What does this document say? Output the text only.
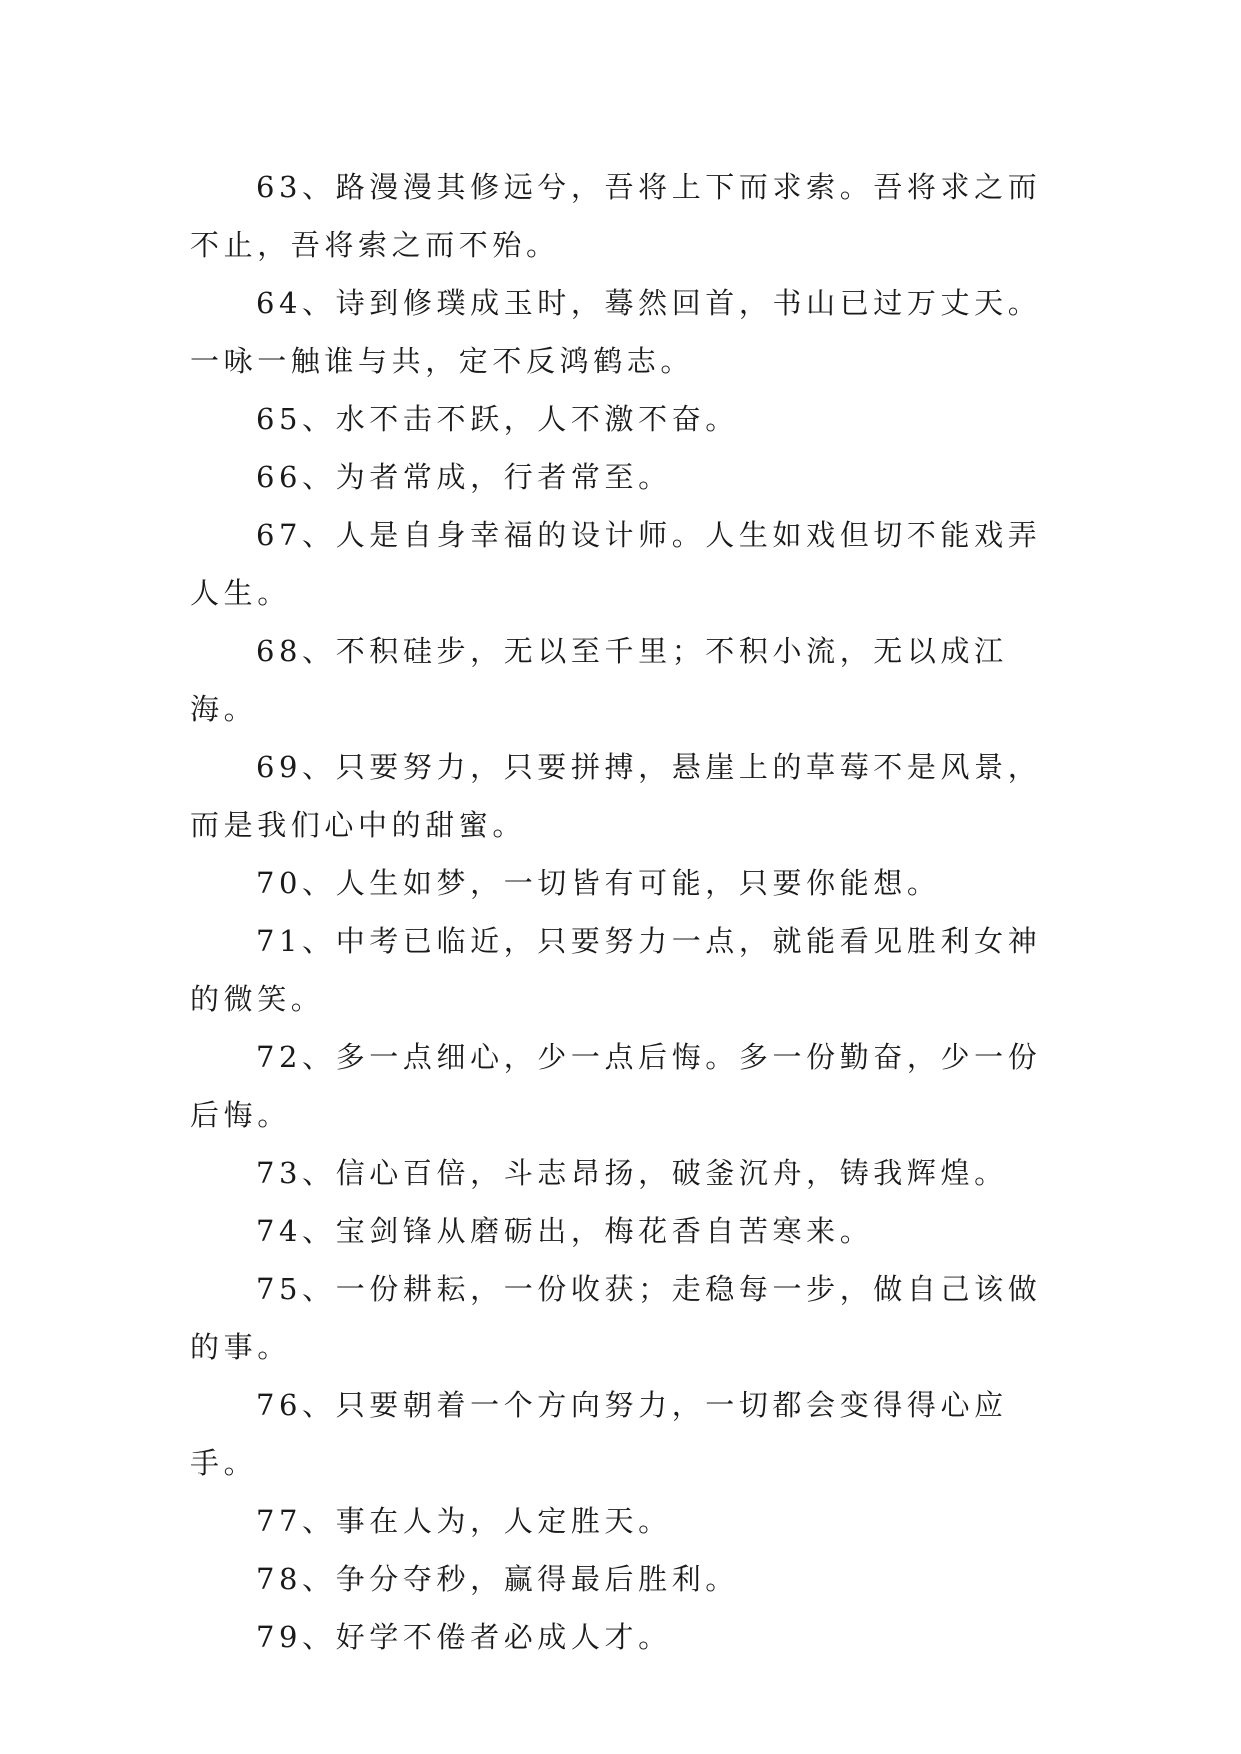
63、路漫漫其修远兮，吾将上下而求索。吾将求之而不止，吾将索之而不殆。

64、诗到修璞成玉时，蓦然回首，书山已过万丈天。一咏一触谁与共，定不反鸿鹤志。

65、水不击不跃，人不激不奋。

66、为者常成，行者常至。

67、人是自身幸福的设计师。人生如戏但切不能戏弄人生。

68、不积硅步，无以至千里；不积小流，无以成江海。

69、只要努力，只要拼搏，悬崖上的草莓不是风景，而是我们心中的甜蜜。

70、人生如梦，一切皆有可能，只要你能想。

71、中考已临近，只要努力一点，就能看见胜利女神的微笑。

72、多一点细心，少一点后悔。多一份勤奋，少一份后悔。

73、信心百倍，斗志昂扬，破釜沉舟，铸我辉煌。

74、宝剑锋从磨砺出，梅花香自苦寒来。

75、一份耕耘，一份收获；走稳每一步，做自己该做的事。

76、只要朝着一个方向努力，一切都会变得得心应手。

77、事在人为，人定胜天。

78、争分夺秒，赢得最后胜利。

79、好学不倦者必成人才。
